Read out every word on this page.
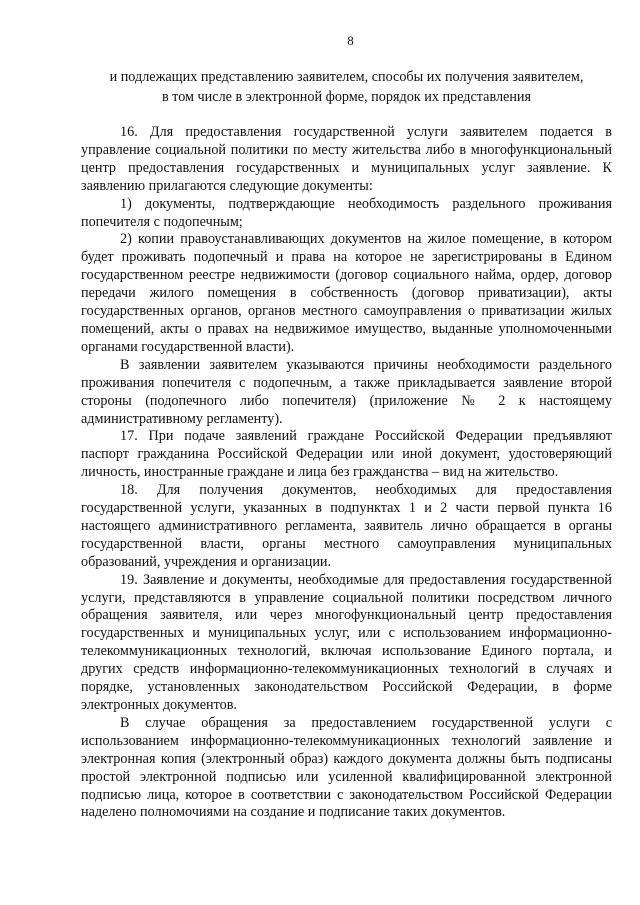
8
и подлежащих представлению заявителем, способы их получения заявителем,
в том числе в электронной форме, порядок их представления

16. Для предоставления государственной услуги заявителем подается в управление социальной политики по месту жительства либо в многофункциональный центр предоставления государственных и муниципальных услуг заявление. К заявлению прилагаются следующие документы:

1) документы, подтверждающие необходимость раздельного проживания попечителя с подопечным;

2) копии правоустанавливающих документов на жилое помещение, в котором будет проживать подопечный и права на которое не зарегистрированы в Едином государственном реестре недвижимости (договор социального найма, ордер, договор передачи жилого помещения в собственность (договор приватизации), акты государственных органов, органов местного самоуправления о приватизации жилых помещений, акты о правах на недвижимое имущество, выданные уполномоченными органами государственной власти).

В заявлении заявителем указываются причины необходимости раздельного проживания попечителя с подопечным, а также прикладывается заявление второй стороны (подопечного либо попечителя) (приложение № 2 к настоящему административному регламенту).

17. При подаче заявлений граждане Российской Федерации предъявляют паспорт гражданина Российской Федерации или иной документ, удостоверяющий личность, иностранные граждане и лица без гражданства – вид на жительство.

18. Для получения документов, необходимых для предоставления государственной услуги, указанных в подпунктах 1 и 2 части первой пункта 16 настоящего административного регламента, заявитель лично обращается в органы государственной власти, органы местного самоуправления муниципальных образований, учреждения и организации.

19. Заявление и документы, необходимые для предоставления государственной услуги, представляются в управление социальной политики посредством личного обращения заявителя, или через многофункциональный центр предоставления государственных и муниципальных услуг, или с использованием информационно-телекоммуникационных технологий, включая использование Единого портала, и других средств информационно-телекоммуникационных технологий в случаях и порядке, установленных законодательством Российской Федерации, в форме электронных документов.

В случае обращения за предоставлением государственной услуги с использованием информационно-телекоммуникационных технологий заявление и электронная копия (электронный образ) каждого документа должны быть подписаны простой электронной подписью или усиленной квалифицированной электронной подписью лица, которое в соответствии с законодательством Российской Федерации наделено полномочиями на создание и подписание таких документов.
